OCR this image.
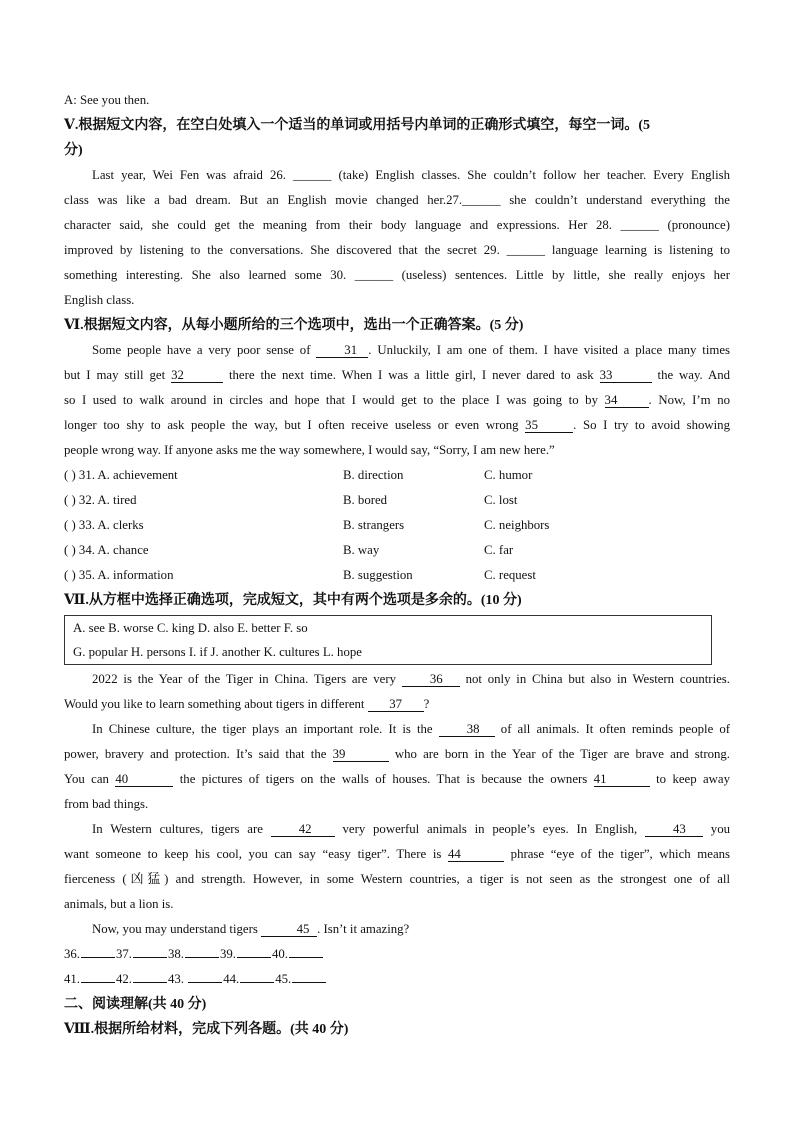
A: See you then.
Ⅴ.根据短文内容，在空白处填入一个适当的单词或用括号内单词的正确形式填空，每空一词。(5
分)
Last year, Wei Fen was afraid 26. ______ (take) English classes. She couldn’t follow her teacher. Every English
class was like a bad dream. But an English movie changed her.27.______ she couldn’t understand everything the
character said, she could get the meaning from their body language and expressions. Her 28. ______ (pronounce)
improved by listening to the conversations. She discovered that the secret 29. ______ language learning is listening to
something interesting. She also learned some 30. ______ (useless) sentences. Little by little, she really enjoys her
English class.
Ⅵ.根据短文内容，从每小题所给的三个选项中，选出一个正确答案。(5 分)
Some people have a very poor sense of 31 . Unluckily, I am one of them. I have visited a place many times
but I may still get 32	there the next time. When I was a little girl, I never dared to ask 33	the way. And
so I used to walk around in circles and hope that I would get to the place I was going to by 34 . Now, I’m no
longer too shy to ask people the way, but I often receive useless or even wrong 35	. So I try to avoid showing
people wrong way. If anyone asks me the way somewhere, I would say, “Sorry, I am new here.”
( ) 31. A. achievement	B. direction	C. humor
( ) 32. A. tired	B. bored	C. lost
( ) 33. A. clerks	B. strangers	C. neighbors
( ) 34. A. chance	B. way	C. far
( ) 35. A. information	B. suggestion	C. request
Ⅶ.从方框中选择正确选项，完成短文，其中有两个选项是多余的。(10 分)
A. see B. worse C. king D. also E. better F. so
G. popular H. persons I. if J. another K. cultures L. hope
2022 is the Year of the Tiger in China. Tigers are very 36 not only in China but also in Western countries.
Would you like to learn something about tigers in different 37 ?
In Chinese culture, the tiger plays an important role. It is the 38 of all animals. It often reminds people of
power, bravery and protection. It’s said that the 39	who are born in the Year of the Tiger are brave and strong.
You can 40	the pictures of tigers on the walls of houses. That is because the owners 41	to keep away
from bad things.
In Western cultures, tigers are 42 very powerful animals in people’s eyes. In English, 43 you
want someone to keep his cool, you can say “easy tiger”. There is 44	phrase “eye of the tiger”, which means
fierceness (凶猛) and strength. However, in some Western countries, a tiger is not seen as the strongest one of all
animals, but a lion is.
Now, you may understand tigers	45 . Isn’t it amazing?
36.	37.	38.	39.	40.
41.	42.	43.	44.	45.
二、阅读理解(共 40 分)
Ⅷ.根据所给材料，完成下列各题。(共 40 分)
